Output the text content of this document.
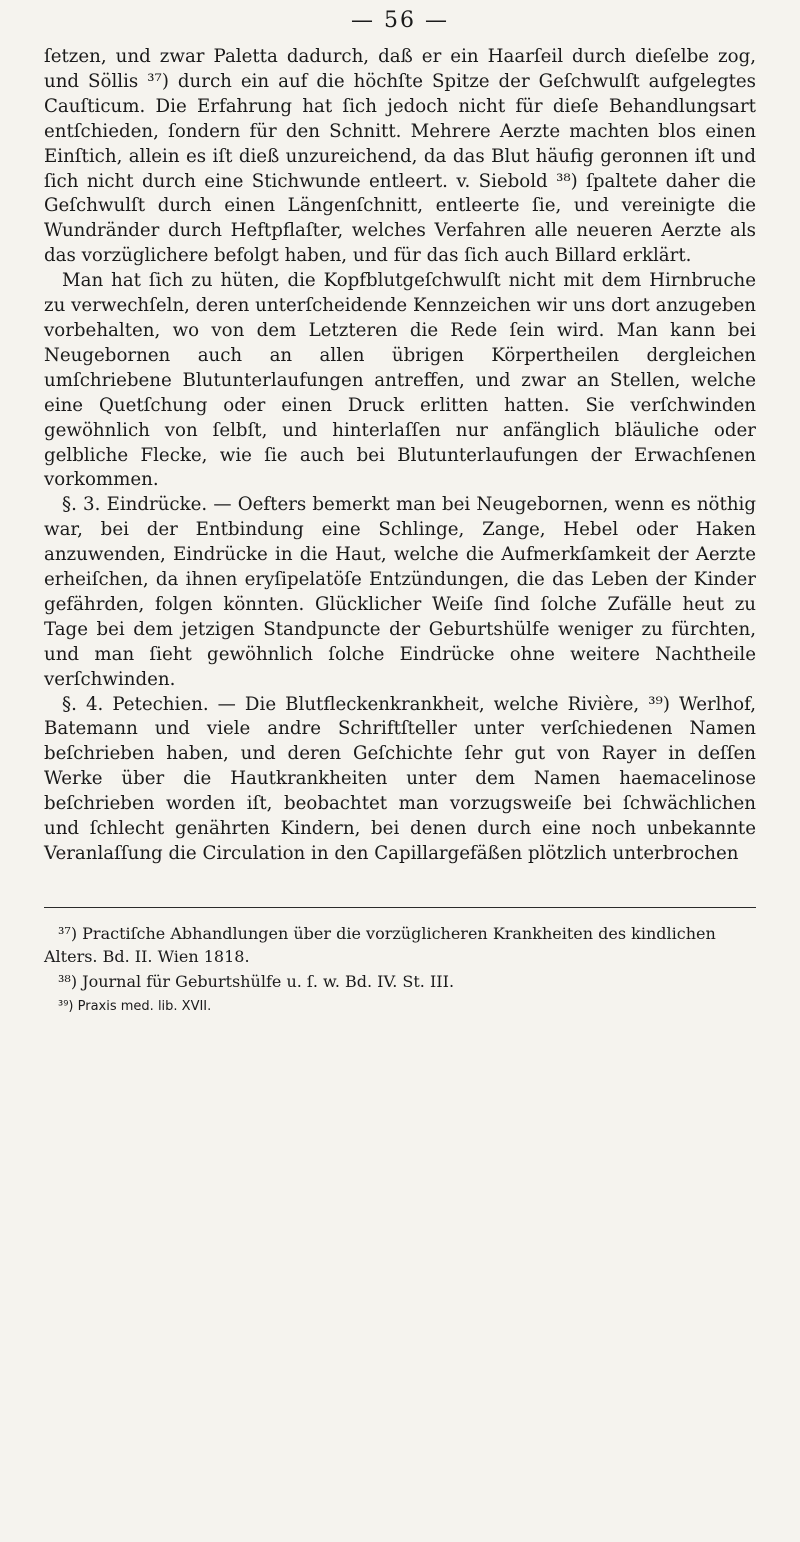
— 56 —

ſetzen, und zwar Paletta dadurch, daß er ein Haarſeil durch dieſelbe zog, und Söllis ³⁷) durch ein auf die höchſte Spitze der Geſchwulſt aufgelegtes Cauſticum. Die Erfahrung hat ſich jedoch nicht für dieſe Behandlungsart entſchieden, ſondern für den Schnitt. Mehrere Aerzte machten blos einen Einſtich, allein es iſt dieß unzureichend, da das Blut häufig geronnen iſt und ſich nicht durch eine Stichwunde entleert. v. Siebold ³⁸) ſpaltete daher die Geſchwulſt durch einen Längenſchnitt, entleerte ſie, und vereinigte die Wundränder durch Heftpflaſter, welches Verfahren alle neueren Aerzte als das vorzüglichere befolgt haben, und für das ſich auch Billard erklärt.

Man hat ſich zu hüten, die Kopfblutgeſchwulſt nicht mit dem Hirnbruche zu verwechſeln, deren unterſcheidende Kennzeichen wir uns dort anzugeben vorbehalten, wo von dem Letzteren die Rede ſein wird. Man kann bei Neugebornen auch an allen übrigen Körpertheilen dergleichen umſchriebene Blutunterlaufungen antreffen, und zwar an Stellen, welche eine Quetſchung oder einen Druck erlitten hatten. Sie verſchwinden gewöhnlich von ſelbſt, und hinterlaſſen nur anfänglich bläuliche oder gelbliche Flecke, wie ſie auch bei Blutunterlaufungen der Erwachſenen vorkommen.

§. 3. Eindrücke. — Oefters bemerkt man bei Neugebornen, wenn es nöthig war, bei der Entbindung eine Schlinge, Zange, Hebel oder Haken anzuwenden, Eindrücke in die Haut, welche die Aufmerkſamkeit der Aerzte erheiſchen, da ihnen eryſipelatöſe Entzündungen, die das Leben der Kinder gefährden, folgen könnten. Glücklicher Weiſe ſind ſolche Zufälle heut zu Tage bei dem jetzigen Standpuncte der Geburtshülfe weniger zu fürchten, und man ſieht gewöhnlich ſolche Eindrücke ohne weitere Nachtheile verſchwinden.

§. 4. Petechien. — Die Blutfleckenkrankheit, welche Rivière, ³⁹) Werlhof, Batemann und viele andre Schriftſteller unter verſchiedenen Namen beſchrieben haben, und deren Geſchichte ſehr gut von Rayer in deſſen Werke über die Hautkrankheiten unter dem Namen haemacelinose beſchrieben worden iſt, beobachtet man vorzugsweiſe bei ſchwächlichen und ſchlecht genährten Kindern, bei denen durch eine noch unbekannte Veranlaſſung die Circulation in den Capillargefäßen plötzlich unterbrochen

³⁷) Practiſche Abhandlungen über die vorzüglicheren Krankheiten des kindlichen Alters. Bd. II. Wien 1818.

³⁸) Journal für Geburtshülfe u. ſ. w. Bd. IV. St. III.

³⁹) Praxis med. lib. XVII.
